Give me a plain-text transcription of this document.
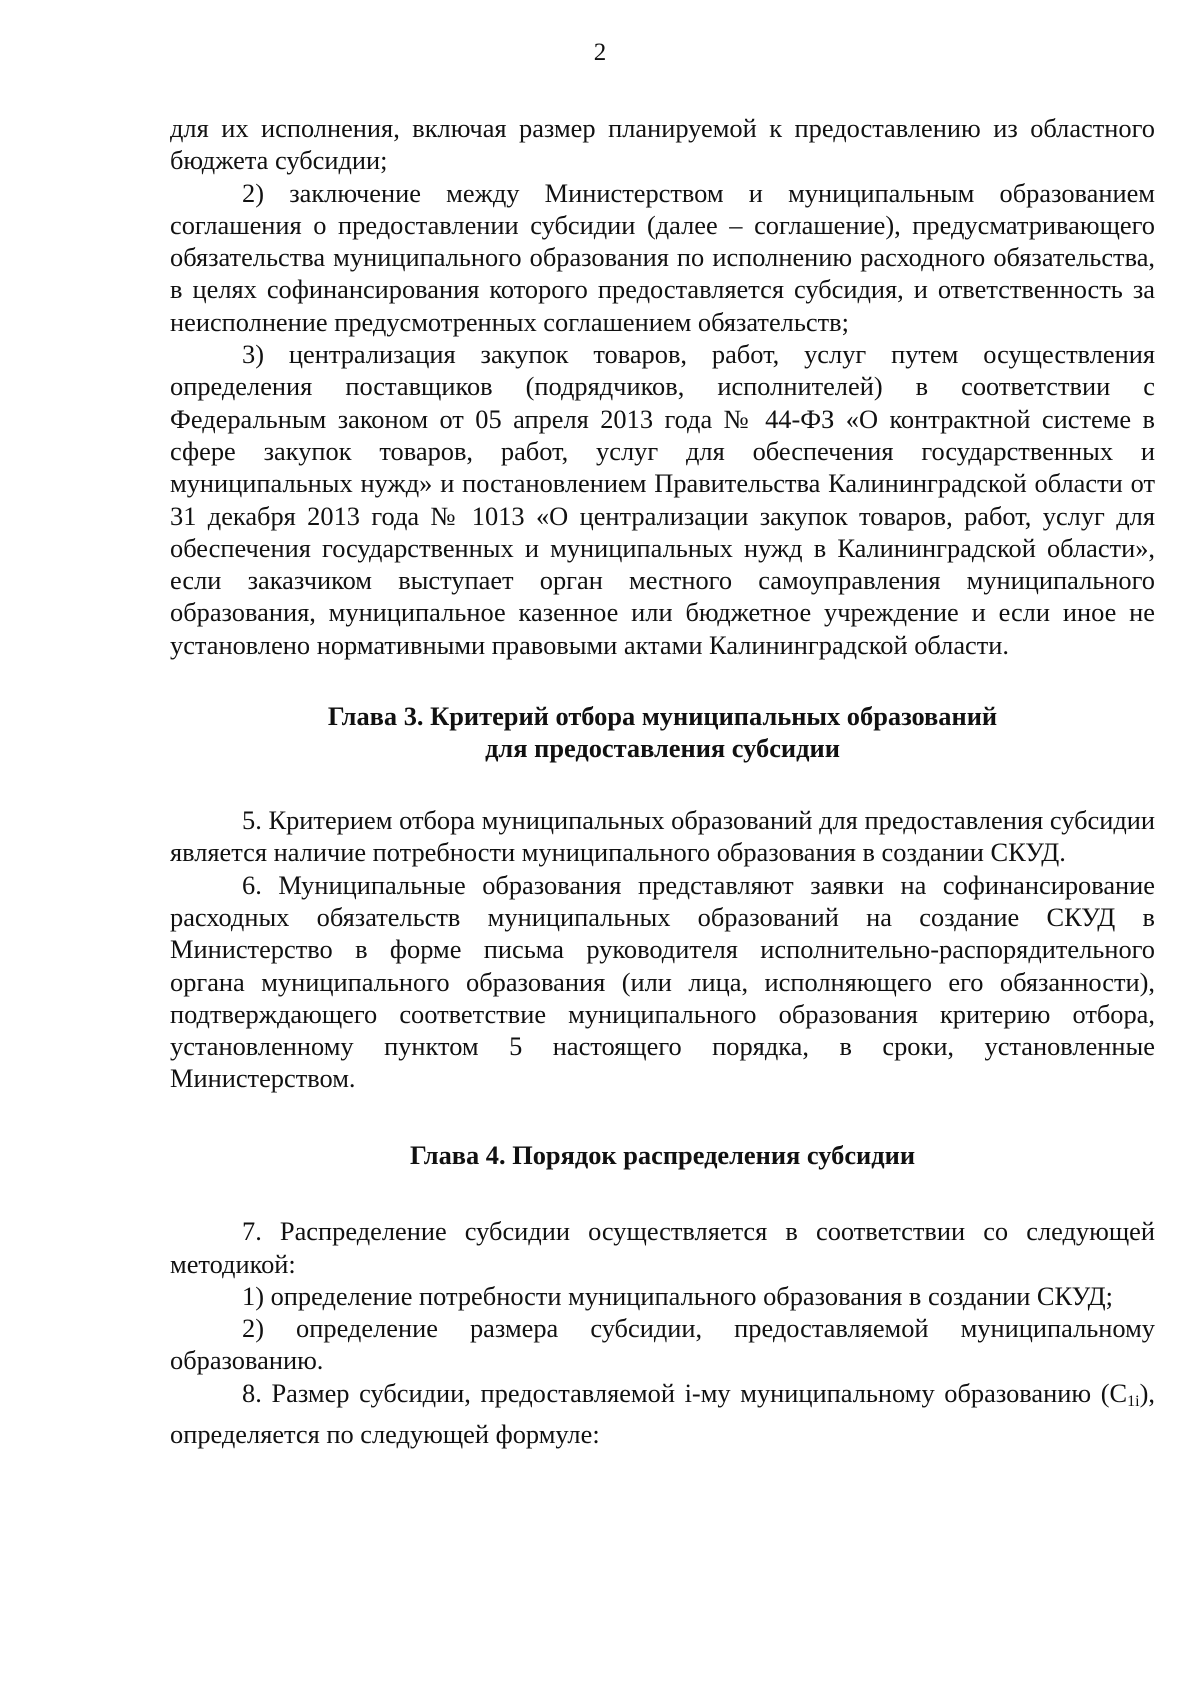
2

для их исполнения, включая размер планируемой к предоставлению из областного бюджета субсидии;

2) заключение между Министерством и муниципальным образованием соглашения о предоставлении субсидии (далее – соглашение), предусматривающего обязательства муниципального образования по исполнению расходного обязательства, в целях софинансирования которого предоставляется субсидия, и ответственность за неисполнение предусмотренных соглашением обязательств;

3) централизация закупок товаров, работ, услуг путем осуществления определения поставщиков (подрядчиков, исполнителей) в соответствии с Федеральным законом от 05 апреля 2013 года № 44-ФЗ «О контрактной системе в сфере закупок товаров, работ, услуг для обеспечения государственных и муниципальных нужд» и постановлением Правительства Калининградской области от 31 декабря 2013 года № 1013 «О централизации закупок товаров, работ, услуг для обеспечения государственных и муниципальных нужд в Калининградской области», если заказчиком выступает орган местного самоуправления муниципального образования, муниципальное казенное или бюджетное учреждение и если иное не установлено нормативными правовыми актами Калининградской области.

Глава 3. Критерий отбора муниципальных образований
для предоставления субсидии

5. Критерием отбора муниципальных образований для предоставления субсидии является наличие потребности муниципального образования в создании СКУД.

6. Муниципальные образования представляют заявки на софинансирование расходных обязательств муниципальных образований на создание СКУД в Министерство в форме письма руководителя исполнительно-распорядительного органа муниципального образования (или лица, исполняющего его обязанности), подтверждающего соответствие муниципального образования критерию отбора, установленному пунктом 5 настоящего порядка, в сроки, установленные Министерством.

Глава 4. Порядок распределения субсидии

7. Распределение субсидии осуществляется в соответствии со следующей методикой:

1) определение потребности муниципального образования в создании СКУД;

2) определение размера субсидии, предоставляемой муниципальному образованию.

8. Размер субсидии, предоставляемой i-му муниципальному образованию $(С_{1i})$, определяется по следующей формуле:
